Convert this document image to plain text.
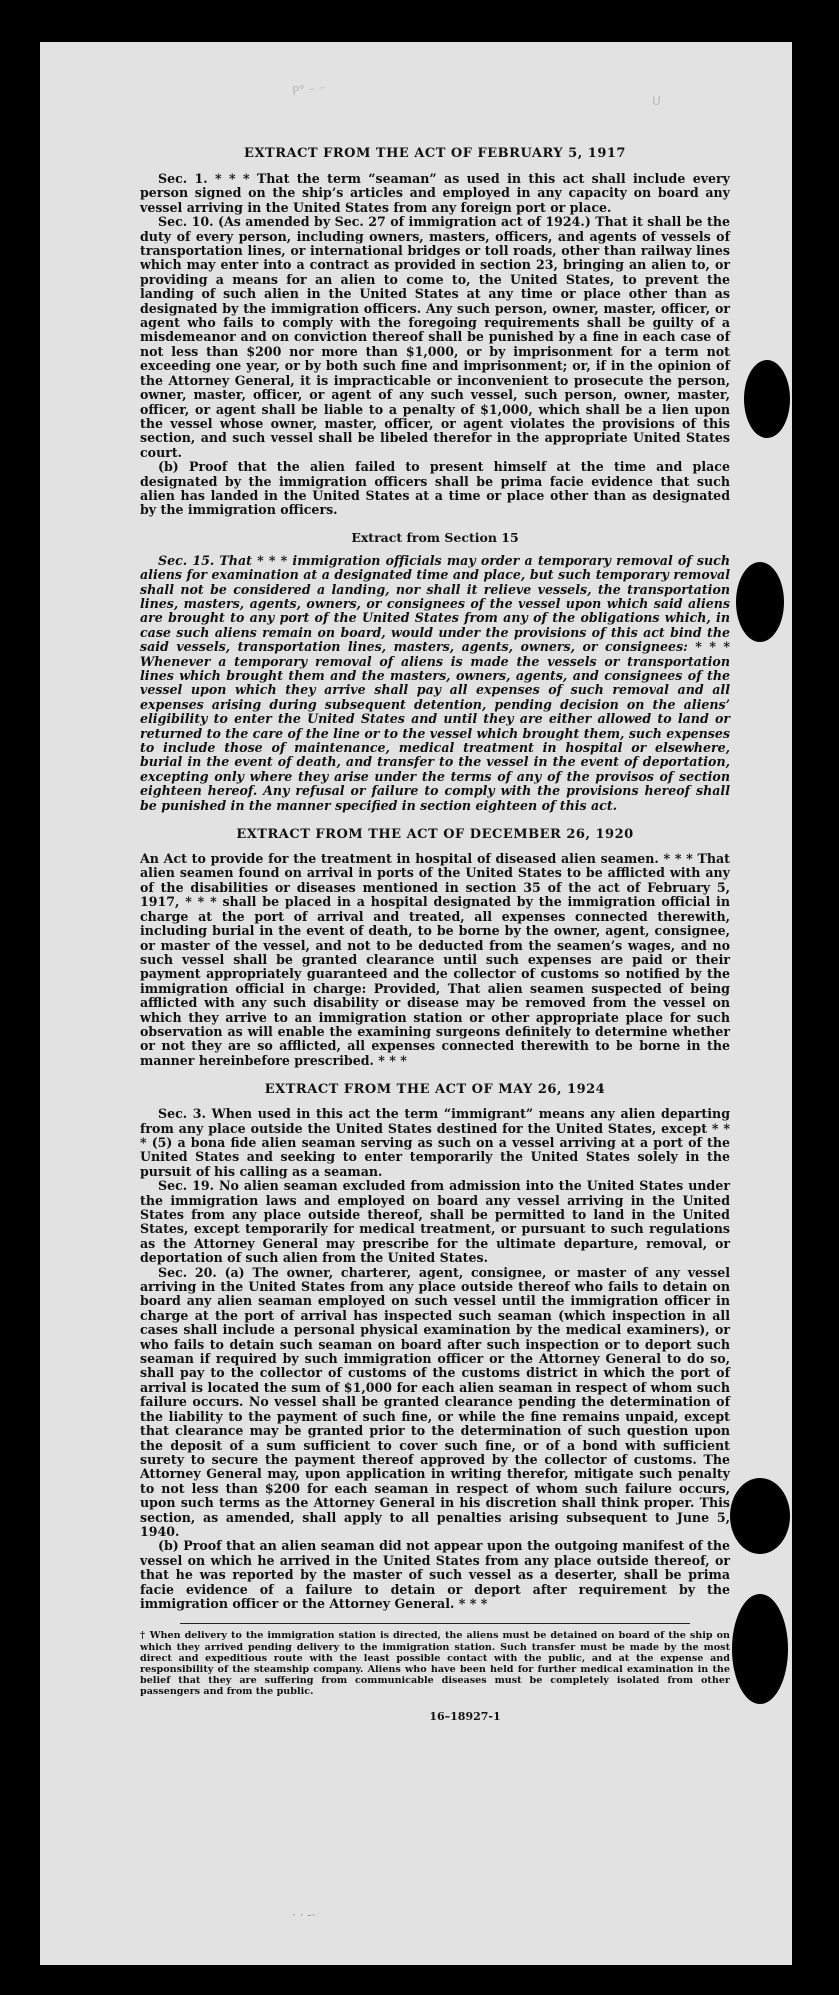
U
P° – –

EXTRACT FROM THE ACT OF FEBRUARY 5, 1917

Sec. 1. * * * That the term “seaman” as used in this act shall include every person signed on the ship’s articles and employed in any capacity on board any vessel arriving in the United States from any foreign port or place.

Sec. 10. (As amended by Sec. 27 of immigration act of 1924.) That it shall be the duty of every person, including owners, masters, officers, and agents of vessels of transportation lines, or international bridges or toll roads, other than railway lines which may enter into a contract as provided in section 23, bringing an alien to, or providing a means for an alien to come to, the United States, to prevent the landing of such alien in the United States at any time or place other than as designated by the immigration officers. Any such person, owner, master, officer, or agent who fails to comply with the foregoing requirements shall be guilty of a misdemeanor and on conviction thereof shall be punished by a fine in each case of not less than $200 nor more than $1,000, or by imprisonment for a term not exceeding one year, or by both such fine and imprisonment; or, if in the opinion of the Attorney General, it is impracticable or inconvenient to prosecute the person, owner, master, officer, or agent of any such vessel, such person, owner, master, officer, or agent shall be liable to a penalty of $1,000, which shall be a lien upon the vessel whose owner, master, officer, or agent violates the provisions of this section, and such vessel shall be libeled therefor in the appropriate United States court.

(b) Proof that the alien failed to present himself at the time and place designated by the immigration officers shall be prima facie evidence that such alien has landed in the United States at a time or place other than as designated by the immigration officers.

Extract from Section 15

Sec. 15. That * * * immigration officials may order a temporary removal of such aliens for examination at a designated time and place, but such temporary removal shall not be considered a landing, nor shall it relieve vessels, the transportation lines, masters, agents, owners, or consignees of the vessel upon which said aliens are brought to any port of the United States from any of the obligations which, in case such aliens remain on board, would under the provisions of this act bind the said vessels, transportation lines, masters, agents, owners, or consignees: * * * Whenever a temporary removal of aliens is made the vessels or transportation lines which brought them and the masters, owners, agents, and consignees of the vessel upon which they arrive shall pay all expenses of such removal and all expenses arising during subsequent detention, pending decision on the aliens’ eligibility to enter the United States and until they are either allowed to land or returned to the care of the line or to the vessel which brought them, such expenses to include those of maintenance, medical treatment in hospital or elsewhere, burial in the event of death, and transfer to the vessel in the event of deportation, excepting only where they arise under the terms of any of the provisos of section eighteen hereof. Any refusal or failure to comply with the provisions hereof shall be punished in the manner specified in section eighteen of this act.

EXTRACT FROM THE ACT OF DECEMBER 26, 1920

An Act to provide for the treatment in hospital of diseased alien seamen. * * * That alien seamen found on arrival in ports of the United States to be afflicted with any of the disabilities or diseases mentioned in section 35 of the act of February 5, 1917, * * * shall be placed in a hospital designated by the immigration official in charge at the port of arrival and treated, all expenses connected therewith, including burial in the event of death, to be borne by the owner, agent, consignee, or master of the vessel, and not to be deducted from the seamen’s wages, and no such vessel shall be granted clearance until such expenses are paid or their payment appropriately guaranteed and the collector of customs so notified by the immigration official in charge: Provided, That alien seamen suspected of being afflicted with any such disability or disease may be removed from the vessel on which they arrive to an immigration station or other appropriate place for such observation as will enable the examining surgeons definitely to determine whether or not they are so afflicted, all expenses connected therewith to be borne in the manner hereinbefore prescribed. * * *

EXTRACT FROM THE ACT OF MAY 26, 1924

Sec. 3. When used in this act the term “immigrant” means any alien departing from any place outside the United States destined for the United States, except * * * (5) a bona fide alien seaman serving as such on a vessel arriving at a port of the United States and seeking to enter temporarily the United States solely in the pursuit of his calling as a seaman.

Sec. 19. No alien seaman excluded from admission into the United States under the immigration laws and employed on board any vessel arriving in the United States from any place outside thereof, shall be permitted to land in the United States, except temporarily for medical treatment, or pursuant to such regulations as the Attorney General may prescribe for the ultimate departure, removal, or deportation of such alien from the United States.

Sec. 20. (a) The owner, charterer, agent, consignee, or master of any vessel arriving in the United States from any place outside thereof who fails to detain on board any alien seaman employed on such vessel until the immigration officer in charge at the port of arrival has inspected such seaman (which inspection in all cases shall include a personal physical examination by the medical examiners), or who fails to detain such seaman on board after such inspection or to deport such seaman if required by such immigration officer or the Attorney General to do so, shall pay to the collector of customs of the customs district in which the port of arrival is located the sum of $1,000 for each alien seaman in respect of whom such failure occurs. No vessel shall be granted clearance pending the determination of the liability to the payment of such fine, or while the fine remains unpaid, except that clearance may be granted prior to the determination of such question upon the deposit of a sum sufficient to cover such fine, or of a bond with sufficient surety to secure the payment thereof approved by the collector of customs. The Attorney General may, upon application in writing therefor, mitigate such penalty to not less than $200 for each seaman in respect of whom such failure occurs, upon such terms as the Attorney General in his discretion shall think proper. This section, as amended, shall apply to all penalties arising subsequent to June 5, 1940.

(b) Proof that an alien seaman did not appear upon the outgoing manifest of the vessel on which he arrived in the United States from any place outside thereof, or that he was reported by the master of such vessel as a deserter, shall be prima facie evidence of a failure to detain or deport after requirement by the immigration officer or the Attorney General. * * *

† When delivery to the immigration station is directed, the aliens must be detained on board of the ship on which they arrived pending delivery to the immigration station. Such transfer must be made by the most direct and expeditious route with the least possible contact with the public, and at the expense and responsibility of the steamship company. Aliens who have been held for further medical examination in the belief that they are suffering from communicable diseases must be completely isolated from other passengers and from the public.

16–18927-1

· · -·
